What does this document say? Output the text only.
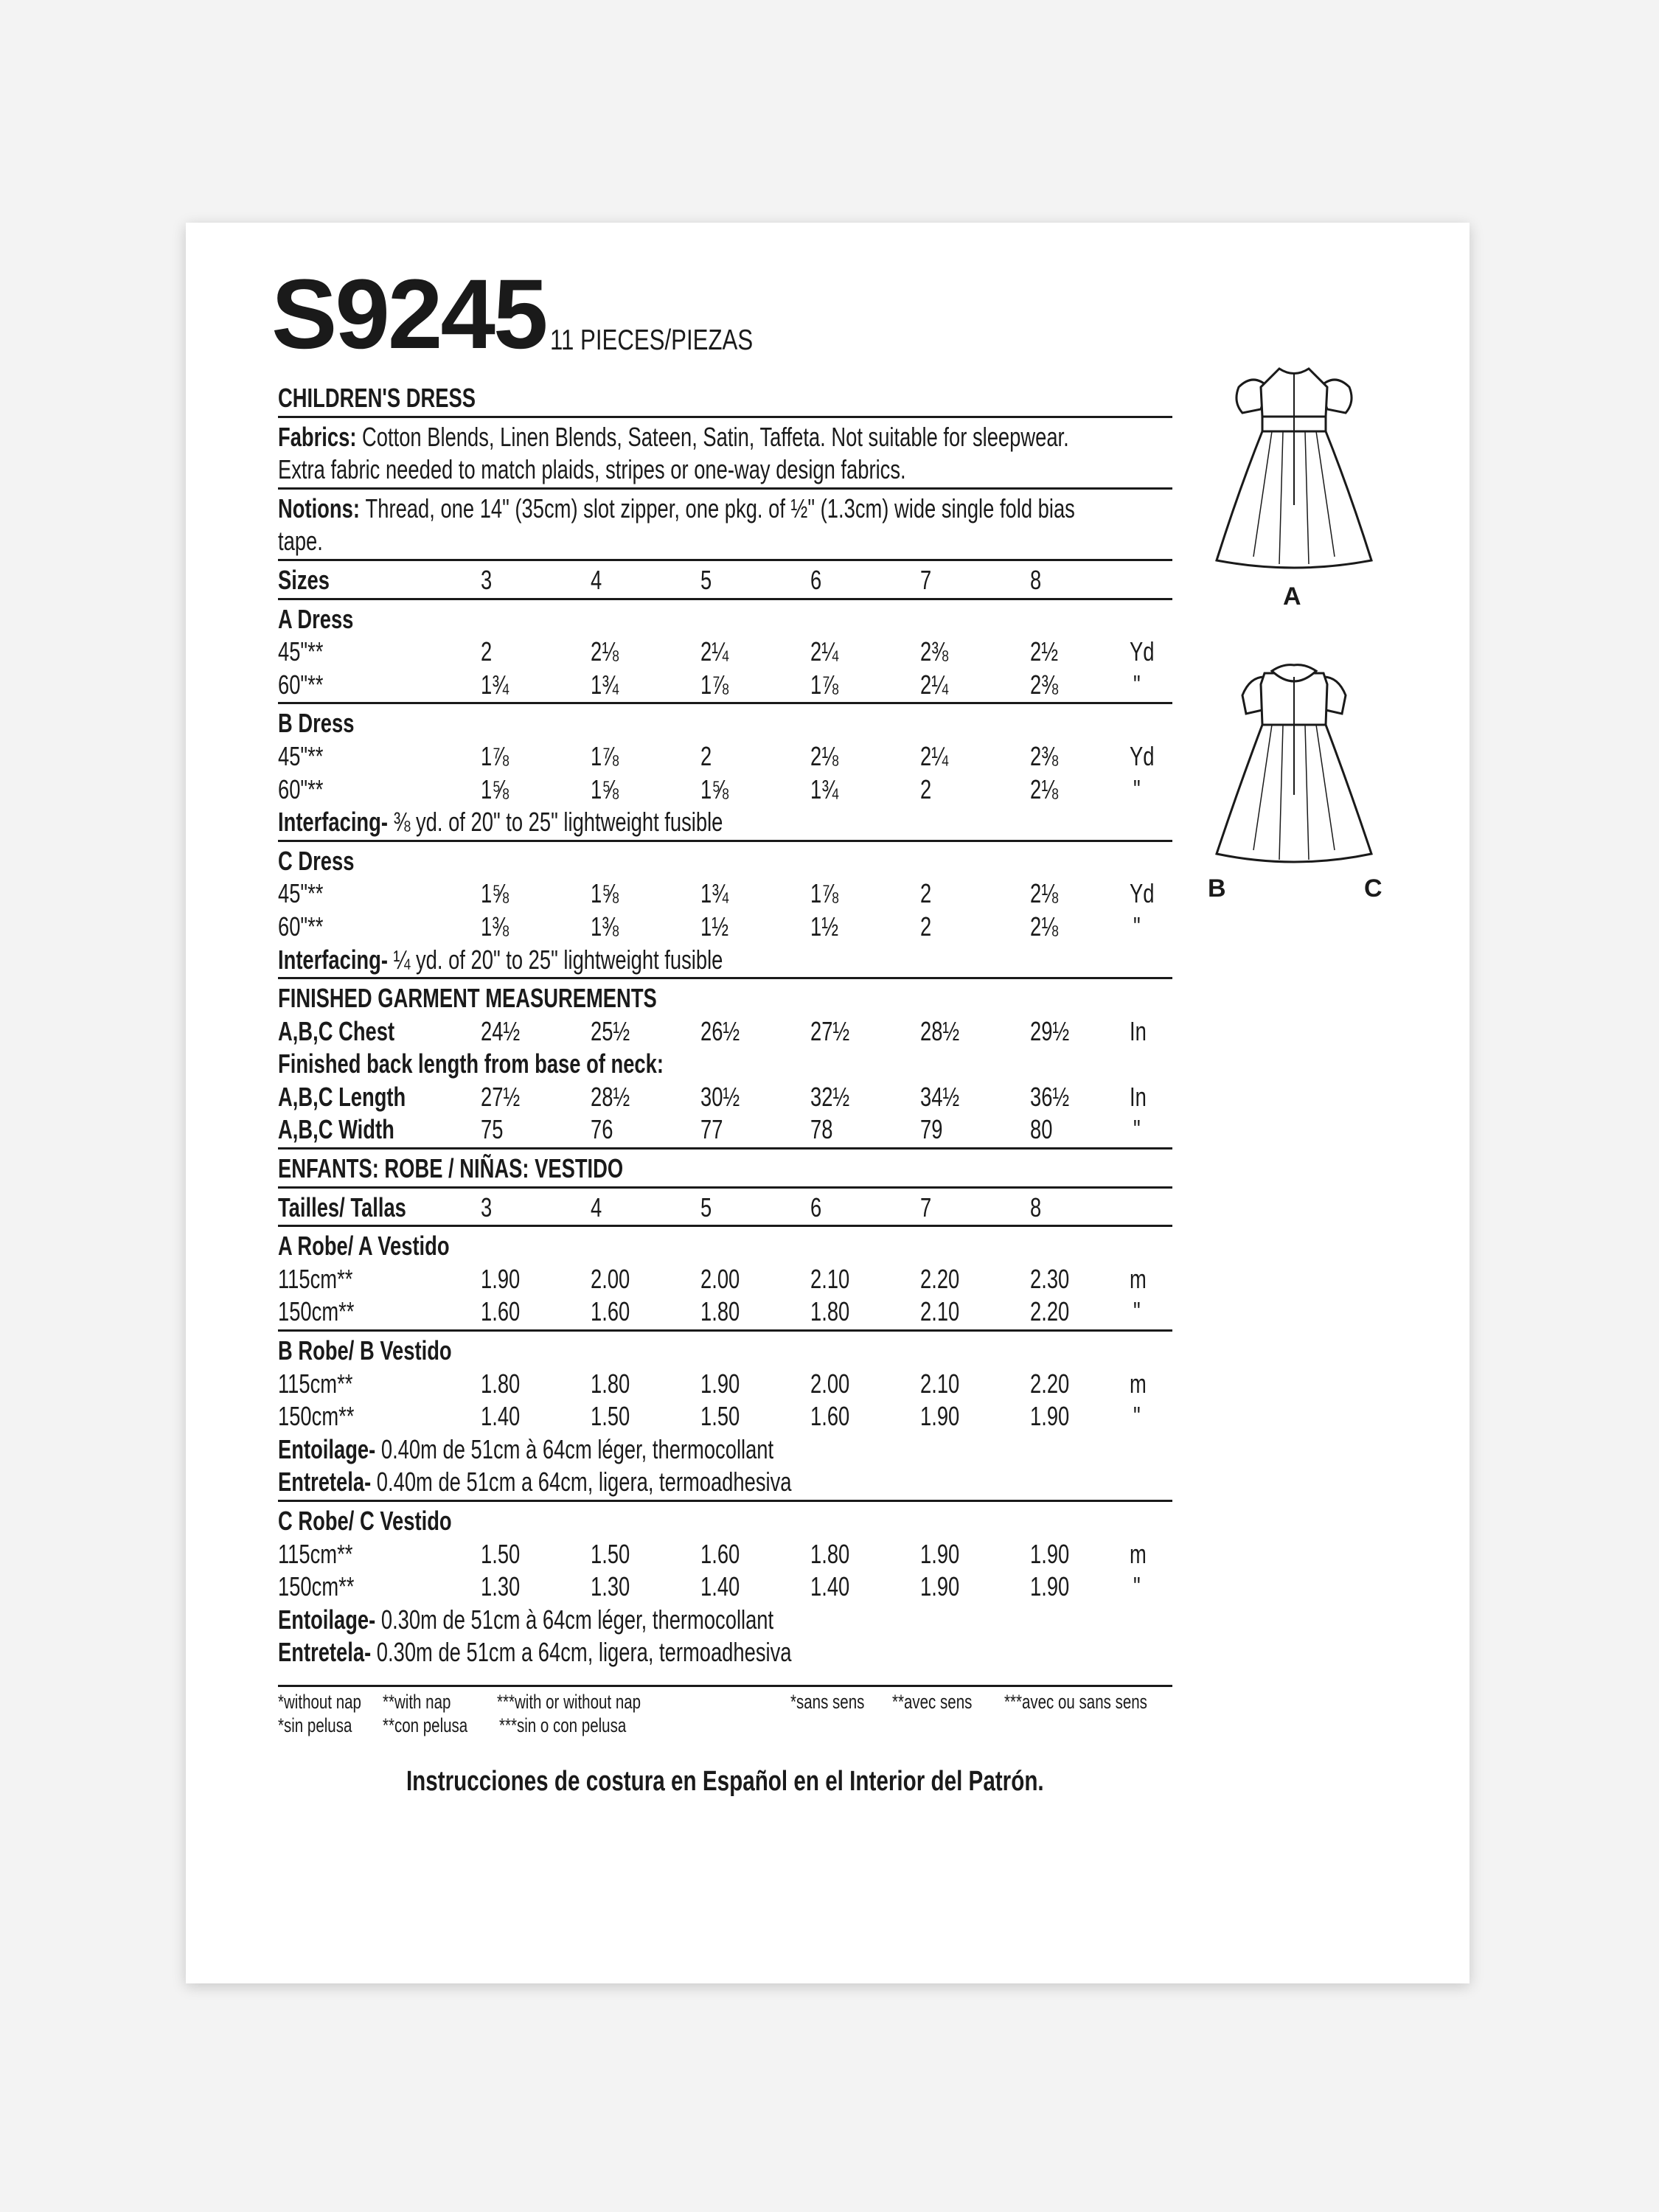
S9245 11 PIECES/PIEZAS
CHILDREN'S DRESS
Fabrics: Cotton Blends, Linen Blends, Sateen, Satin, Taffeta. Not suitable for sleepwear.
Extra fabric needed to match plaids, stripes or one-way design fabrics.
Notions: Thread, one 14" (35cm) slot zipper, one pkg. of ½" (1.3cm) wide single fold bias
tape.
Sizes	3	4	5	6	7	8
A Dress
45"**	2	2⅛	2¼	2¼	2⅜	2½	Yd
60"**	1¾	1¾	1⅞	1⅞	2¼	2⅜	"
B Dress
45"**	1⅞	1⅞	2	2⅛	2¼	2⅜	Yd
60"**	1⅝	1⅝	1⅝	1¾	2	2⅛	"
Interfacing- ⅜ yd. of 20" to 25" lightweight fusible
C Dress
45"**	1⅝	1⅝	1¾	1⅞	2	2⅛	Yd
60"**	1⅜	1⅜	1½	1½	2	2⅛	"
Interfacing- ¼ yd. of 20" to 25" lightweight fusible
FINISHED GARMENT MEASUREMENTS
A,B,C Chest	24½	25½	26½	27½	28½	29½ In
Finished back length from base of neck:
A,B,C Length	27½	28½	30½	32½	34½	36½ In
A,B,C Width	75	76	77	78	79	80	"
ENFANTS: ROBE / NIÑAS: VESTIDO
Tailles/ Tallas	3	4	5	6	7	8
A Robe/ A Vestido
115cm**	1.90	2.00	2.00	2.10	2.20	2.30 m
150cm**	1.60	1.60	1.80	1.80	2.10	2.20 "
B Robe/ B Vestido
115cm**	1.80	1.80	1.90	2.00	2.10	2.20 m
150cm**	1.40	1.50	1.50	1.60	1.90	1.90 "
Entoilage- 0.40m de 51cm à 64cm léger, thermocollant
Entretela- 0.40m de 51cm a 64cm, ligera, termoadhesiva
C Robe/ C Vestido
115cm**	1.50	1.50	1.60	1.80	1.90	1.90 m
150cm**	1.30	1.30	1.40	1.40	1.90	1.90 "
Entoilage- 0.30m de 51cm à 64cm léger, thermocollant
Entretela- 0.30m de 51cm a 64cm, ligera, termoadhesiva
*without nap **with nap ***with or without nap	*sans sens **avec sens ***avec ou sans sens
*sin pelusa **con pelusa ***sin o con pelusa
Instrucciones de costura en Español en el Interior del Patrón.
A
B	C
